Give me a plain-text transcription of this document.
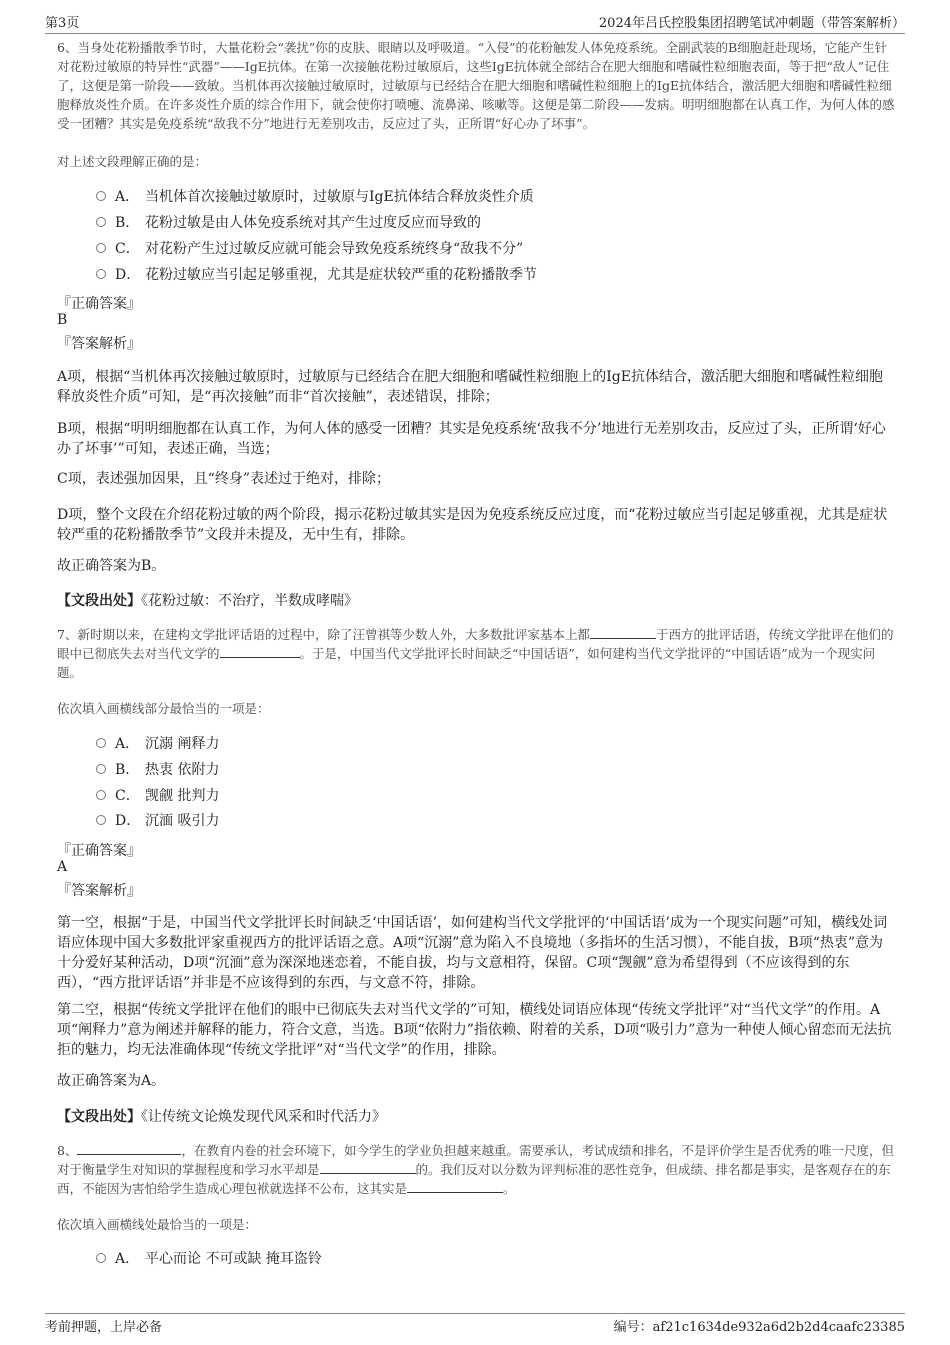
第3页	2024年吕氏控股集团招聘笔试冲刺题（带答案解析）

6、当身处花粉播散季节时，大量花粉会“袭扰”你的皮肤、眼睛以及呼吸道。“入侵”的花粉触发人体免疫系统。全副武装的B细胞赶赴现场，它能产生针对花粉过敏原的特异性“武器”——IgE抗体。在第一次接触花粉过敏原后，这些IgE抗体就全部结合在肥大细胞和嗜碱性粒细胞表面，等于把“敌人”记住了，这便是第一阶段——致敏。当机体再次接触过敏原时，过敏原与已经结合在肥大细胞和嗜碱性粒细胞上的IgE抗体结合，激活肥大细胞和嗜碱性粒细胞释放炎性介质。在许多炎性介质的综合作用下，就会使你打喷嚏、流鼻涕、咳嗽等。这便是第二阶段——发病。明明细胞都在认真工作，为何人体的感受一团糟？其实是免疫系统“敌我不分”地进行无差别攻击，反应过了头，正所谓“好心办了坏事”。

对上述文段理解正确的是：

A． 当机体首次接触过敏原时，过敏原与IgE抗体结合释放炎性介质
B． 花粉过敏是由人体免疫系统对其产生过度反应而导致的
C． 对花粉产生过过敏反应就可能会导致免疫系统终身“敌我不分”
D． 花粉过敏应当引起足够重视，尤其是症状较严重的花粉播散季节
『正确答案』
B
『答案解析』

A项，根据“当机体再次接触过敏原时，过敏原与已经结合在肥大细胞和嗜碱性粒细胞上的IgE抗体结合，激活肥大细胞和嗜碱性粒细胞释放炎性介质”可知，是“再次接触”而非“首次接触”，表述错误，排除；

B项，根据“明明细胞都在认真工作，为何人体的感受一团糟？其实是免疫系统‘敌我不分’地进行无差别攻击，反应过了头，正所谓‘好心办了坏事’”可知，表述正确，当选；

C项，表述强加因果，且“终身”表述过于绝对，排除；

D项，整个文段在介绍花粉过敏的两个阶段，揭示花粉过敏其实是因为免疫系统反应过度，而“花粉过敏应当引起足够重视，尤其是症状较严重的花粉播散季节”文段并未提及，无中生有，排除。

故正确答案为B。

【文段出处】《花粉过敏：不治疗，半数成哮喘》

7、新时期以来，在建构文学批评话语的过程中，除了汪曾祺等少数人外，大多数批评家基本上都	于西方的批评话语，传统文学批评在他们的眼中已彻底失去对当代文学的	。于是，中国当代文学批评长时间缺乏“中国话语”，如何建构当代文学批评的“中国话语”成为一个现实问题。

依次填入画横线部分最恰当的一项是：

A． 沉溺 阐释力
B． 热衷 依附力
C． 觊觎 批判力
D． 沉湎 吸引力
『正确答案』
A
『答案解析』

第一空，根据“于是，中国当代文学批评长时间缺乏‘中国话语’，如何建构当代文学批评的‘中国话语’成为一个现实问题”可知，横线处词语应体现中国大多数批评家重视西方的批评话语之意。A项“沉溺”意为陷入不良境地（多指坏的生活习惯），不能自拔，B项“热衷”意为十分爱好某种活动，D项“沉湎”意为深深地迷恋着，不能自拔，均与文意相符，保留。C项“觊觎”意为希望得到（不应该得到的东西），“西方批评话语”并非是不应该得到的东西，与文意不符，排除。

第二空，根据“传统文学批评在他们的眼中已彻底失去对当代文学的”可知，横线处词语应体现“传统文学批评”对“当代文学”的作用。A项“阐释力”意为阐述并解释的能力，符合文意，当选。B项“依附力”指依赖、附着的关系，D项“吸引力”意为一种使人倾心留恋而无法抗拒的魅力，均无法准确体现“传统文学批评”对“当代文学”的作用，排除。

故正确答案为A。

【文段出处】《让传统文论焕发现代风采和时代活力》

8、	，在教育内卷的社会环境下，如今学生的学业负担越来越重。需要承认，考试成绩和排名，不是评价学生是否优秀的唯一尺度，但对于衡量学生对知识的掌握程度和学习水平却是	的。我们反对以分数为评判标准的恶性竞争，但成绩、排名都是事实，是客观存在的东西，不能因为害怕给学生造成心理包袱就选择不公布，这其实是	。

依次填入画横线处最恰当的一项是：

A． 平心而论 不可或缺 掩耳盗铃
考前押题，上岸必备	编号：af21c1634de932a6d2b2d4caafc23385
